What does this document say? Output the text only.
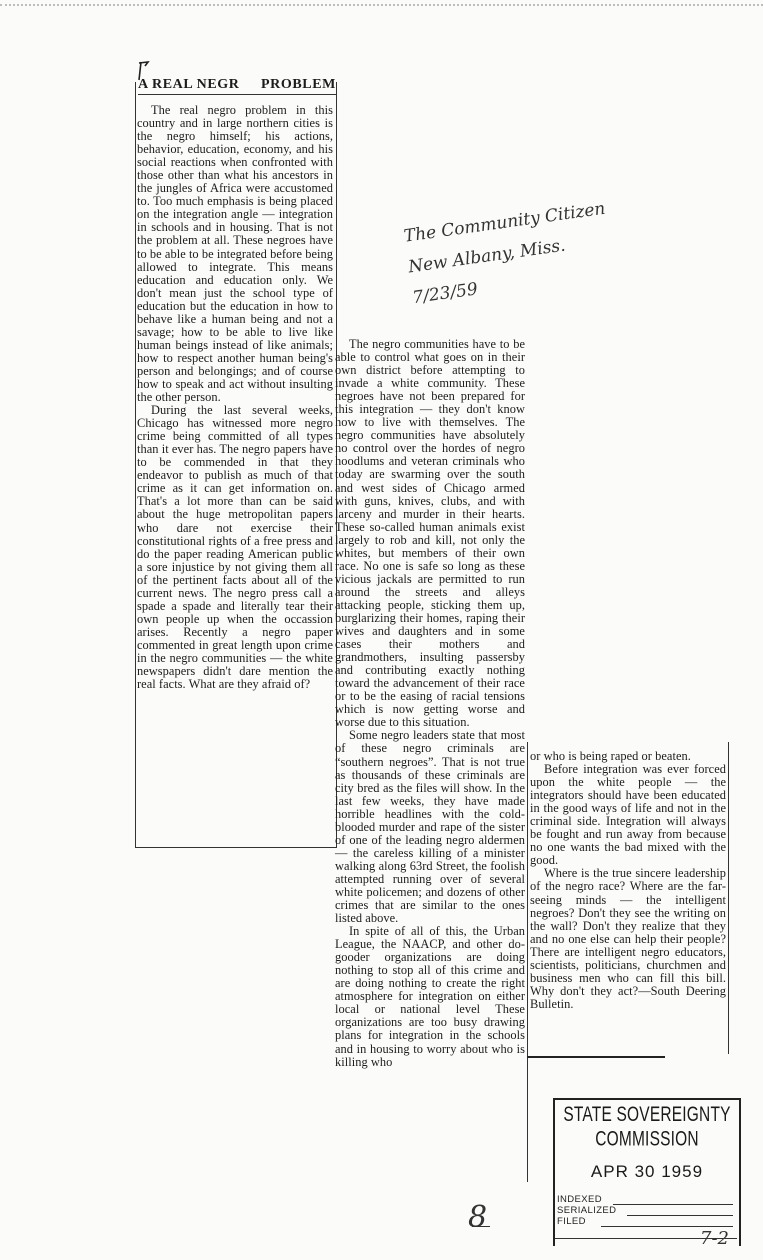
A REAL NEGR PROBLEM

The real negro problem in this country and in large northern cities is the negro himself; his actions, behavior, education, economy, and his social reactions when confronted with those other than what his ancestors in the jungles of Africa were accustomed to. Too much emphasis is being placed on the integration angle — integration in schools and in housing. That is not the problem at all. These negroes have to be able to be integrated before being allowed to integrate. This means education and education only. We don't mean just the school type of education but the education in how to behave like a human being and not a savage; how to be able to live like human beings instead of like animals; how to respect another human being's person and belongings; and of course how to speak and act without insulting the other person.

During the last several weeks, Chicago has witnessed more negro crime being committed of all types than it ever has. The negro papers have to be commended in that they endeavor to publish as much of that crime as it can get information on. That's a lot more than can be said about the huge metropolitan papers who dare not exercise their constitutional rights of a free press and do the paper reading American public a sore injustice by not giving them all of the pertinent facts about all of the current news. The negro press call a spade a spade and literally tear their own people up when the occassion arises. Recently a negro paper commented in great length upon crime in the negro communities — the white newspapers didn't dare mention the real facts. What are they afraid of?

The negro communities have to be able to control what goes on in their own district before attempting to invade a white community. These negroes have not been prepared for this integration — they don't know how to live with themselves. The negro communities have absolutely no control over the hordes of negro hoodlums and veteran criminals who today are swarming over the south and west sides of Chicago armed with guns, knives, clubs, and with larceny and murder in their hearts. These so-called human animals exist largely to rob and kill, not only the whites, but members of their own race. No one is safe so long as these vicious jackals are permitted to run around the streets and alleys attacking people, sticking them up, burglarizing their homes, raping their wives and daughters and in some cases their mothers and grandmothers, insulting passersby and contributing exactly nothing toward the advancement of their race or to be the easing of racial tensions which is now getting worse and worse due to this situation.

Some negro leaders state that most of these negro criminals are “southern negroes”. That is not true as thousands of these criminals are city bred as the files will show. In the last few weeks, they have made horrible headlines with the cold-blooded murder and rape of the sister of one of the leading negro aldermen — the careless killing of a minister walking along 63rd Street, the foolish attempted running over of several white policemen; and dozens of other crimes that are similar to the ones listed above.

In spite of all of this, the Urban League, the NAACP, and other do-gooder organizations are doing nothing to stop all of this crime and are doing nothing to create the right atmosphere for integration on either local or national level These organizations are too busy drawing plans for integration in the schools and in housing to worry about who is killing who

or who is being raped or beaten.

Before integration was ever forced upon the white people — the integrators should have been educated in the good ways of life and not in the criminal side. Integration will always be fought and run away from because no one wants the bad mixed with the good.

Where is the true sincere leadership of the negro race? Where are the far-seeing minds — the intelligent negroes? Don't they see the writing on the wall? Don't they realize that they and no one else can help their people? There are intelligent negro educators, scientists, politicians, churchmen and business men who can fill this bill. Why don't they act?—South Deering Bulletin.

The Community Citizen
New Albany, Miss.
7/23/59
STATE SOVEREIGNTY COMMISSION
APR 30 1959
INDEXED
SERIALIZED
FILED
7-2
8
